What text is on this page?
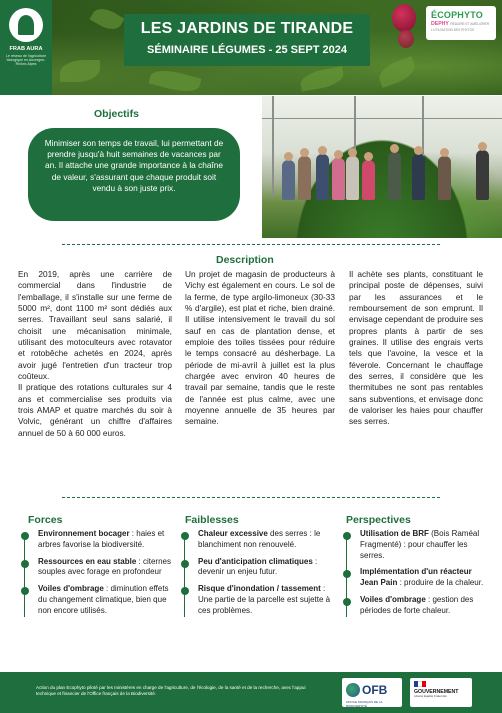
FRAB AURA
Le réseau de l'agriculture biologique en Auvergne-Rhône-Alpes
LES JARDINS DE TIRANDE
SÉMINAIRE LÉGUMES - 25 SEPT 2024
ÉCOPHYTO
DEPHY RÉDUIRE ET AMÉLIORER L'UTILISATION DES PHYTOS
Objectifs
Minimiser son temps de travail, lui permettant de prendre jusqu'à huit semaines de vacances par an. Il attache une grande importance à la chaîne de valeur, s'assurant que chaque produit soit vendu à son juste prix.
Description

En 2019, après une carrière de commercial dans l'industrie de l'emballage, il s'installe sur une ferme de 5000 m², dont 1100 m² sont dédiés aux serres. Travaillant seul sans salarié, il choisit une mécanisation minimale, utilisant des motoculteurs avec rotavator et rotobêche achetés en 2024, après avoir jugé l'entretien d'un tracteur trop coûteux.

Il pratique des rotations culturales sur 4 ans et commercialise ses produits via trois AMAP et quatre marchés du soir à Volvic, générant un chiffre d'affaires annuel de 50 à 60 000 euros.

Un projet de magasin de producteurs à Vichy est également en cours. Le sol de la ferme, de type argilo-limoneux (30-33 % d'argile), est plat et riche, bien drainé. Il utilise intensivement le travail du sol sauf en cas de plantation dense, et emploie des toiles tissées pour réduire le temps consacré au désherbage. La période de mi-avril à juillet est la plus chargée avec environ 40 heures de travail par semaine, tandis que le reste de l'année est plus calme, avec une moyenne annuelle de 35 heures par semaine.

Il achète ses plants, constituant le principal poste de dépenses, suivi par les assurances et le remboursement de son emprunt. Il envisage cependant de produire ses propres plants à partir de ses graines. Il utilise des engrais verts tels que l'avoine, la vesce et la féverole. Concernant le chauffage des serres, il considère que les thermitubes ne sont pas rentables sans subventions, et envisage donc de valoriser les haies pour chauffer ses serres.

Forces	Faiblesses	Perspectives
Environnement bocager : haies et arbres favorise la biodiversité.
Ressources en eau stable : citernes souples avec forage en profondeur
Voiles d'ombrage : diminution effets du changement climatique, bien que non encore utilisés.
Chaleur excessive des serres : le blanchiment non renouvelé.
Peu d'anticipation climatiques : devenir un enjeu futur.
Risque d'inondation / tassement : Une partie de la parcelle est sujette à ces problèmes.
Utilisation de BRF (Bois Raméal Fragmenté) : pour chauffer les serres.
Implémentation d'un réacteur Jean Pain : produire de la chaleur.
Voiles d'ombrage : gestion des périodes de forte chaleur.
Action du plan Ecophyto piloté par les ministères en charge de l'agriculture, de l'écologie, de la santé et de la recherche, avec l'appui technique et financier de l'Office français de la Biodiversité.	OFB
OFFICE FRANÇAIS DE LA BIODIVERSITÉ
GOUVERNEMENT
Liberté Égalité Fraternité
